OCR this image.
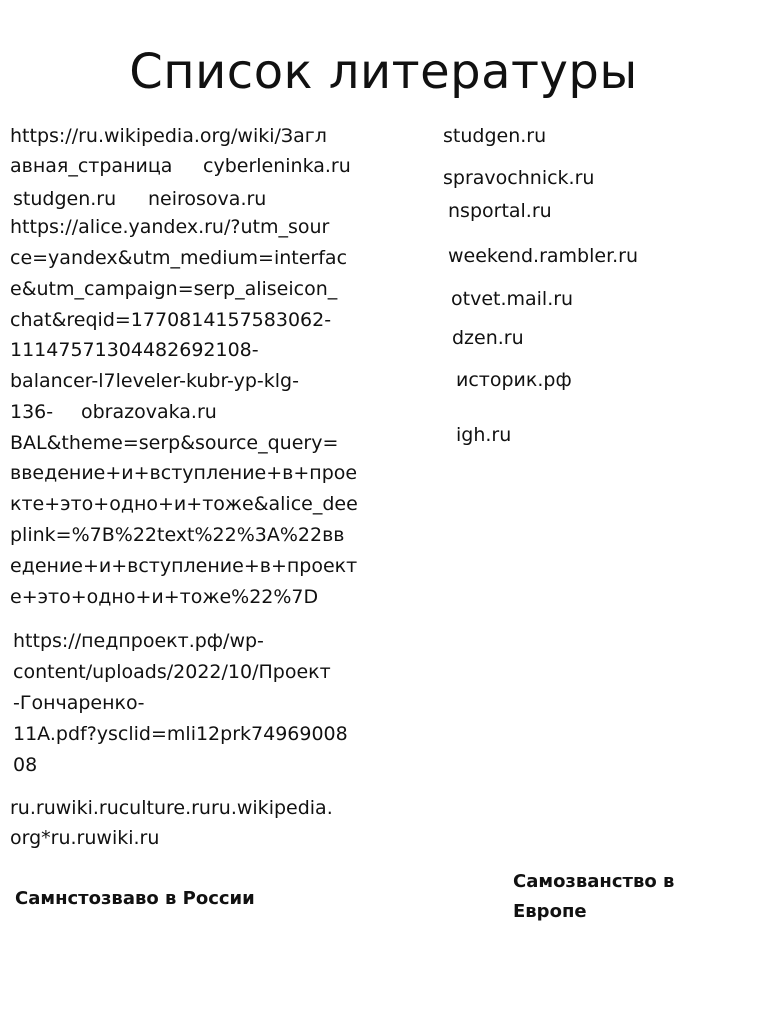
Список литературы
https://ru.wikipedia.org/wiki/Загл
авная_страница cyberleninka.ru
studgen.ru neirosova.ru
https://alice.yandex.ru/?utm_sour
ce=yandex&utm_medium=interfac
e&utm_campaign=serp_aliseicon_
chat&reqid=1770814157583062-
11147571304482692108-
balancer-l7leveler-kubr-yp-klg-
136- obrazovaka.ru
BAL&theme=serp&source_query=
введение+и+вступление+в+прое
кте+это+одно+и+тоже&alice_dee
plink=%7B%22text%22%3A%22вв
едение+и+вступление+в+проект
е+это+одно+и+тоже%22%7D
https://педпроект.рф/wp-
content/uploads/2022/10/Проект
-Гончаренко-
11A.pdf?ysclid=mli12prk74969008
08
ru.ruwiki.ruculture.ruru.wikipedia.
org*ru.ruwiki.ru
studgen.ru
spravochnick.ru
nsportal.ru
weekend.rambler.ru
otvet.mail.ru
dzen.ru
историк.рф
igh.ru
Самнстозваво в России
Самозванство в
Европе
